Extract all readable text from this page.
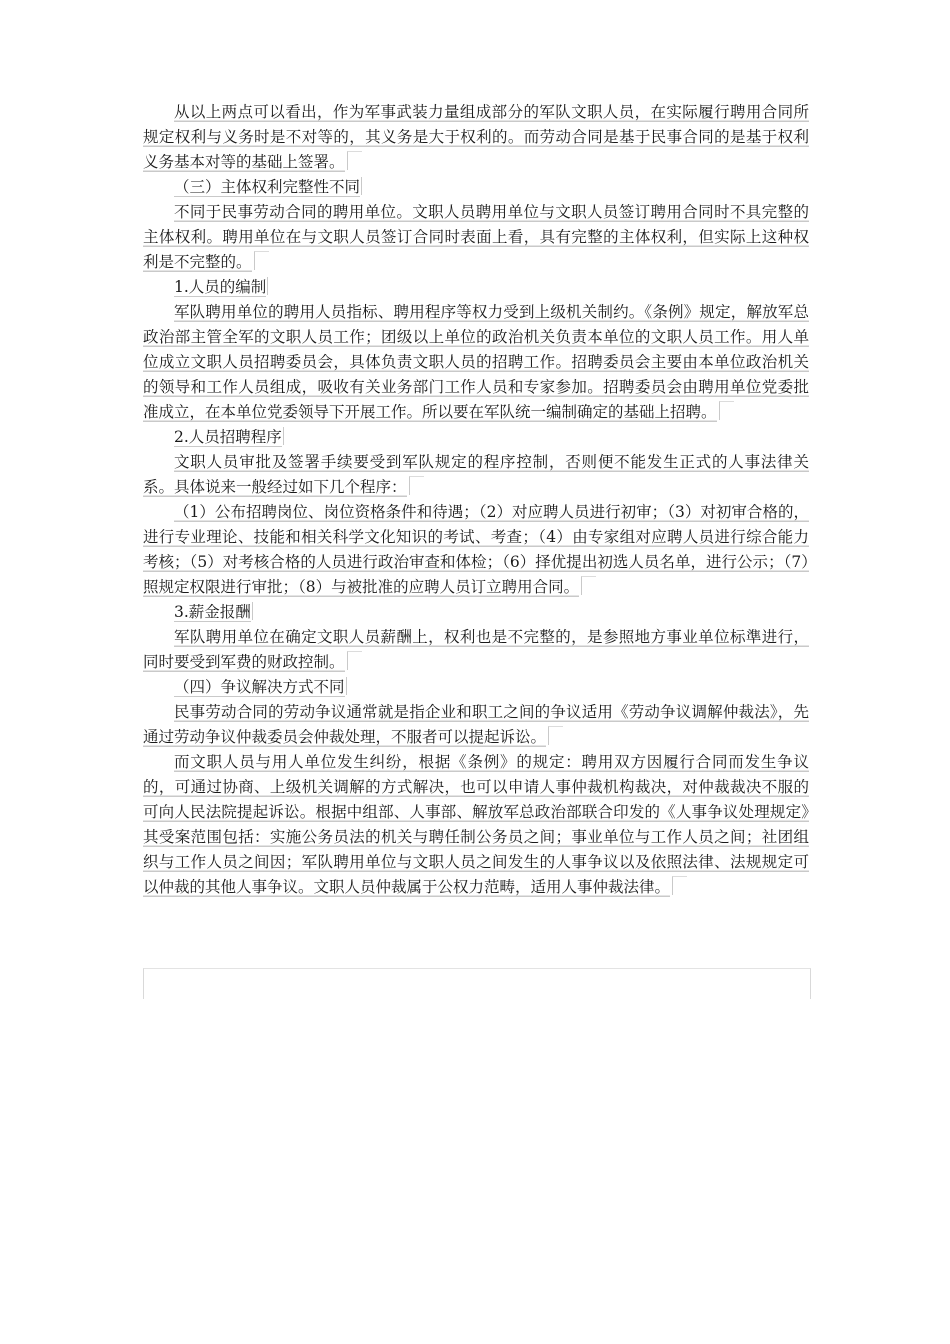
从以上两点可以看出，作为军事武装力量组成部分的军队文职人员，在实际履行聘用合同所规定权利与义务时是不对等的，其义务是大于权利的。而劳动合同是基于民事合同的是基于权利义务基本对等的基础上签署。

（三）主体权利完整性不同

不同于民事劳动合同的聘用单位。文职人员聘用单位与文职人员签订聘用合同时不具完整的主体权利。聘用单位在与文职人员签订合同时表面上看，具有完整的主体权利，但实际上这种权利是不完整的。

1.人员的编制

军队聘用单位的聘用人员指标、聘用程序等权力受到上级机关制约。《条例》规定，解放军总政治部主管全军的文职人员工作；团级以上单位的政治机关负责本单位的文职人员工作。用人单位成立文职人员招聘委员会，具体负责文职人员的招聘工作。招聘委员会主要由本单位政治机关的领导和工作人员组成，吸收有关业务部门工作人员和专家参加。招聘委员会由聘用单位党委批准成立，在本单位党委领导下开展工作。所以要在军队统一编制确定的基础上招聘。

2.人员招聘程序

文职人员审批及签署手续要受到军队规定的程序控制，否则便不能发生正式的人事法律关系。具体说来一般经过如下几个程序：

（1）公布招聘岗位、岗位资格条件和待遇；（2）对应聘人员进行初审；（3）对初审合格的，进行专业理论、技能和相关科学文化知识的考试、考查；（4）由专家组对应聘人员进行综合能力考核；（5）对考核合格的人员进行政治审查和体检；（6）择优提出初选人员名单，进行公示；（7）照规定权限进行审批；（8）与被批准的应聘人员订立聘用合同。

3.薪金报酬

军队聘用单位在确定文职人员薪酬上，权利也是不完整的，是参照地方事业单位标準进行，同时要受到军费的财政控制。

（四）争议解决方式不同

民事劳动合同的劳动争议通常就是指企业和职工之间的争议适用《劳动争议调解仲裁法》，先通过劳动争议仲裁委员会仲裁处理，不服者可以提起诉讼。

而文职人员与用人单位发生纠纷，根据《条例》的规定：聘用双方因履行合同而发生争议的，可通过协商、上级机关调解的方式解决，也可以申请人事仲裁机构裁决，对仲裁裁决不服的可向人民法院提起诉讼。根据中组部、人事部、解放军总政治部联合印发的《人事争议处理规定》其受案范围包括：实施公务员法的机关与聘任制公务员之间；事业单位与工作人员之间；社团组织与工作人员之间因；军队聘用单位与文职人员之间发生的人事争议以及依照法律、法规规定可以仲裁的其他人事争议。文职人员仲裁属于公权力范畴，适用人事仲裁法律。
